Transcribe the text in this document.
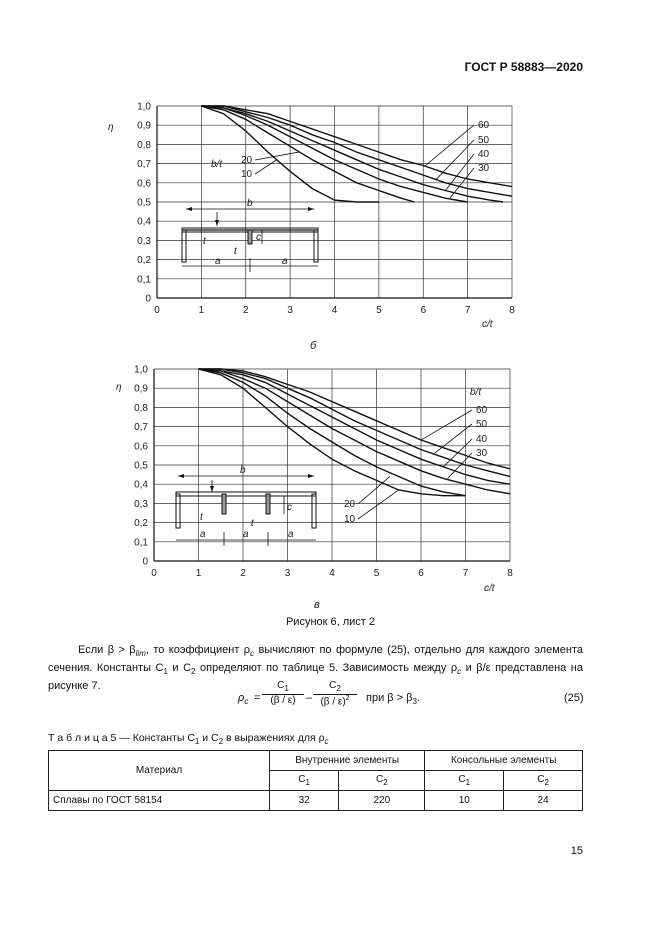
ГОСТ Р 58883—2020
0
0,1
0,2
0,3
0,4
0,5
0,6
0,7
0,8
0,9
1,0
0	1	2	3	4	5	6	7	8
b
a	a
t
t	c
η
c/t
b/t
60
50
40
30
20
10
б
0
0,1
0,2
0,3
0,4
0,5
0,6
0,7
0,8
0,9
1,0
0	1	2	3	4	5	6	7	8
b
a	a	a
t
t
c
η
c/t
b/t
60
50
40
30
20
10
в
Рисунок 6, лист 2
Если $\beta > \beta_{lim}$, то коэффициент $\rho_c$ вычисляют по формуле (25), отдельно для каждого элемента сечения. Константы $C_1$ и $C_2$ определяют по таблице 5. Зависимость между $\rho_c$ и β/ε представлена на рисунке 7.
$\rho_c = \frac{C_1}{(\beta / \varepsilon)} - \frac{C_2}{(\beta / \varepsilon)^2}$ при $\beta > \beta_3$.	(25)
Т а б л и ц а 5 — Константы $C_1$ и $C_2$ в выражениях для $\rho_c$
Материал	Внутренние элементы		Консольные элементы	
	$C_1$	$C_2$	$C_1$	$C_2$
Сплавы по ГОСТ 58154	32	220	10	24
15
